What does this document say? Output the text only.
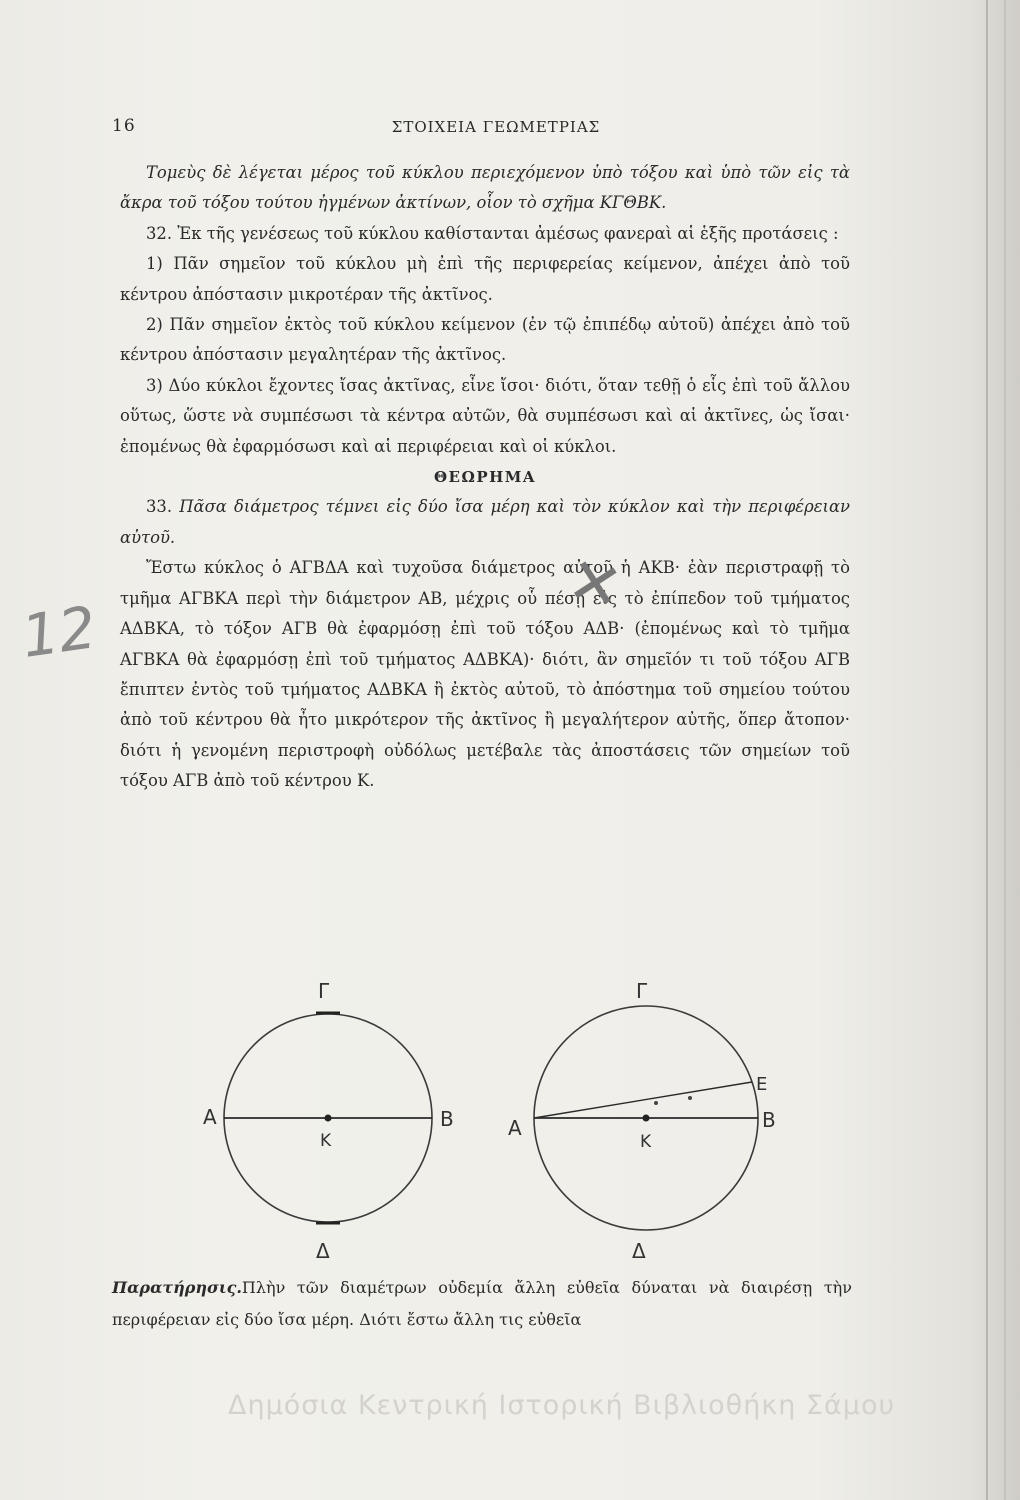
16	ΣΤΟΙΧΕΙΑ ΓΕΩΜΕΤΡΙΑΣ

Τομεὺς δὲ λέγεται μέρος τοῦ κύκλου περιεχόμενον ὑπὸ τόξου καὶ ὑπὸ τῶν εἰς τὰ ἄκρα τοῦ τόξου τούτου ἠγμένων ἀκτίνων, οἷον τὸ σχῆμα ΚΓΘΒΚ.

32. Ἐκ τῆς γενέσεως τοῦ κύκλου καθίστανται ἀμέσως φανεραὶ αἱ ἑξῆς προτάσεις :

1) Πᾶν σημεῖον τοῦ κύκλου μὴ ἐπὶ τῆς περιφερείας κείμενον, ἀπέχει ἀπὸ τοῦ κέντρου ἀπόστασιν μικροτέραν τῆς ἀκτῖνος.

2) Πᾶν σημεῖον ἐκτὸς τοῦ κύκλου κείμενον (ἐν τῷ ἐπιπέδῳ αὐτοῦ) ἀπέχει ἀπὸ τοῦ κέντρου ἀπόστασιν μεγαλητέραν τῆς ἀκτῖνος.

3) Δύο κύκλοι ἔχοντες ἴσας ἀκτῖνας, εἶνε ἴσοι· διότι, ὅταν τεθῇ ὁ εἷς ἐπὶ τοῦ ἄλλου οὕτως, ὥστε νὰ συμπέσωσι τὰ κέντρα αὐτῶν, θὰ συμπέσωσι καὶ αἱ ἀκτῖνες, ὡς ἴσαι· ἐπομένως θὰ ἐφαρμόσωσι καὶ αἱ περιφέρειαι καὶ οἱ κύκλοι.

ΘΕΩΡΗΜΑ

33. Πᾶσα διάμετρος τέμνει εἰς δύο ἴσα μέρη καὶ τὸν κύκλον καὶ τὴν περιφέρειαν αὐτοῦ.

Ἔστω κύκλος ὁ ΑΓΒΔΑ καὶ τυχοῦσα διάμετρος αὐτοῦ ἡ ΑΚΒ· ἐὰν περιστραφῇ τὸ τμῆμα ΑΓΒΚΑ περὶ τὴν διάμετρον ΑΒ, μέχρις οὗ πέσῃ εἰς τὸ ἐπίπεδον τοῦ τμήματος ΑΔΒΚΑ, τὸ τόξον ΑΓΒ θὰ ἐφαρμόσῃ ἐπὶ τοῦ τόξου ΑΔΒ· (ἐπομένως καὶ τὸ τμῆμα ΑΓΒΚΑ θὰ ἐφαρμόσῃ ἐπὶ τοῦ τμήματος ΑΔΒΚΑ)· διότι, ἂν σημεῖόν τι τοῦ τόξου ΑΓΒ ἔπιπτεν ἐντὸς τοῦ τμήματος ΑΔΒΚΑ ἢ ἐκτὸς αὐτοῦ, τὸ ἀπόστημα τοῦ σημείου τούτου ἀπὸ τοῦ κέντρου θὰ ἦτο μικρότερον τῆς ἀκτῖνος ἢ μεγαλήτερον αὐτῆς, ὅπερ ἄτοπον· διότι ἡ γενομένη περιστροφὴ οὐδόλως μετέβαλε τὰς ἀποστάσεις τῶν σημείων τοῦ τόξου ΑΓΒ ἀπὸ τοῦ κέντρου Κ.

12
✕
Α	Β
Γ
Δ
Κ
Α	Β
Ε
Γ
Δ
Κ

Παρατήρησις.Πλὴν τῶν διαμέτρων οὐδεμία ἄλλη εὐθεῖα δύναται νὰ διαιρέσῃ τὴν περιφέρειαν εἰς δύο ἴσα μέρη. Διότι ἔστω ἄλλη τις εὐθεῖα

Δημόσια Κεντρική Ιστορική Βιβλιοθήκη Σάμου
